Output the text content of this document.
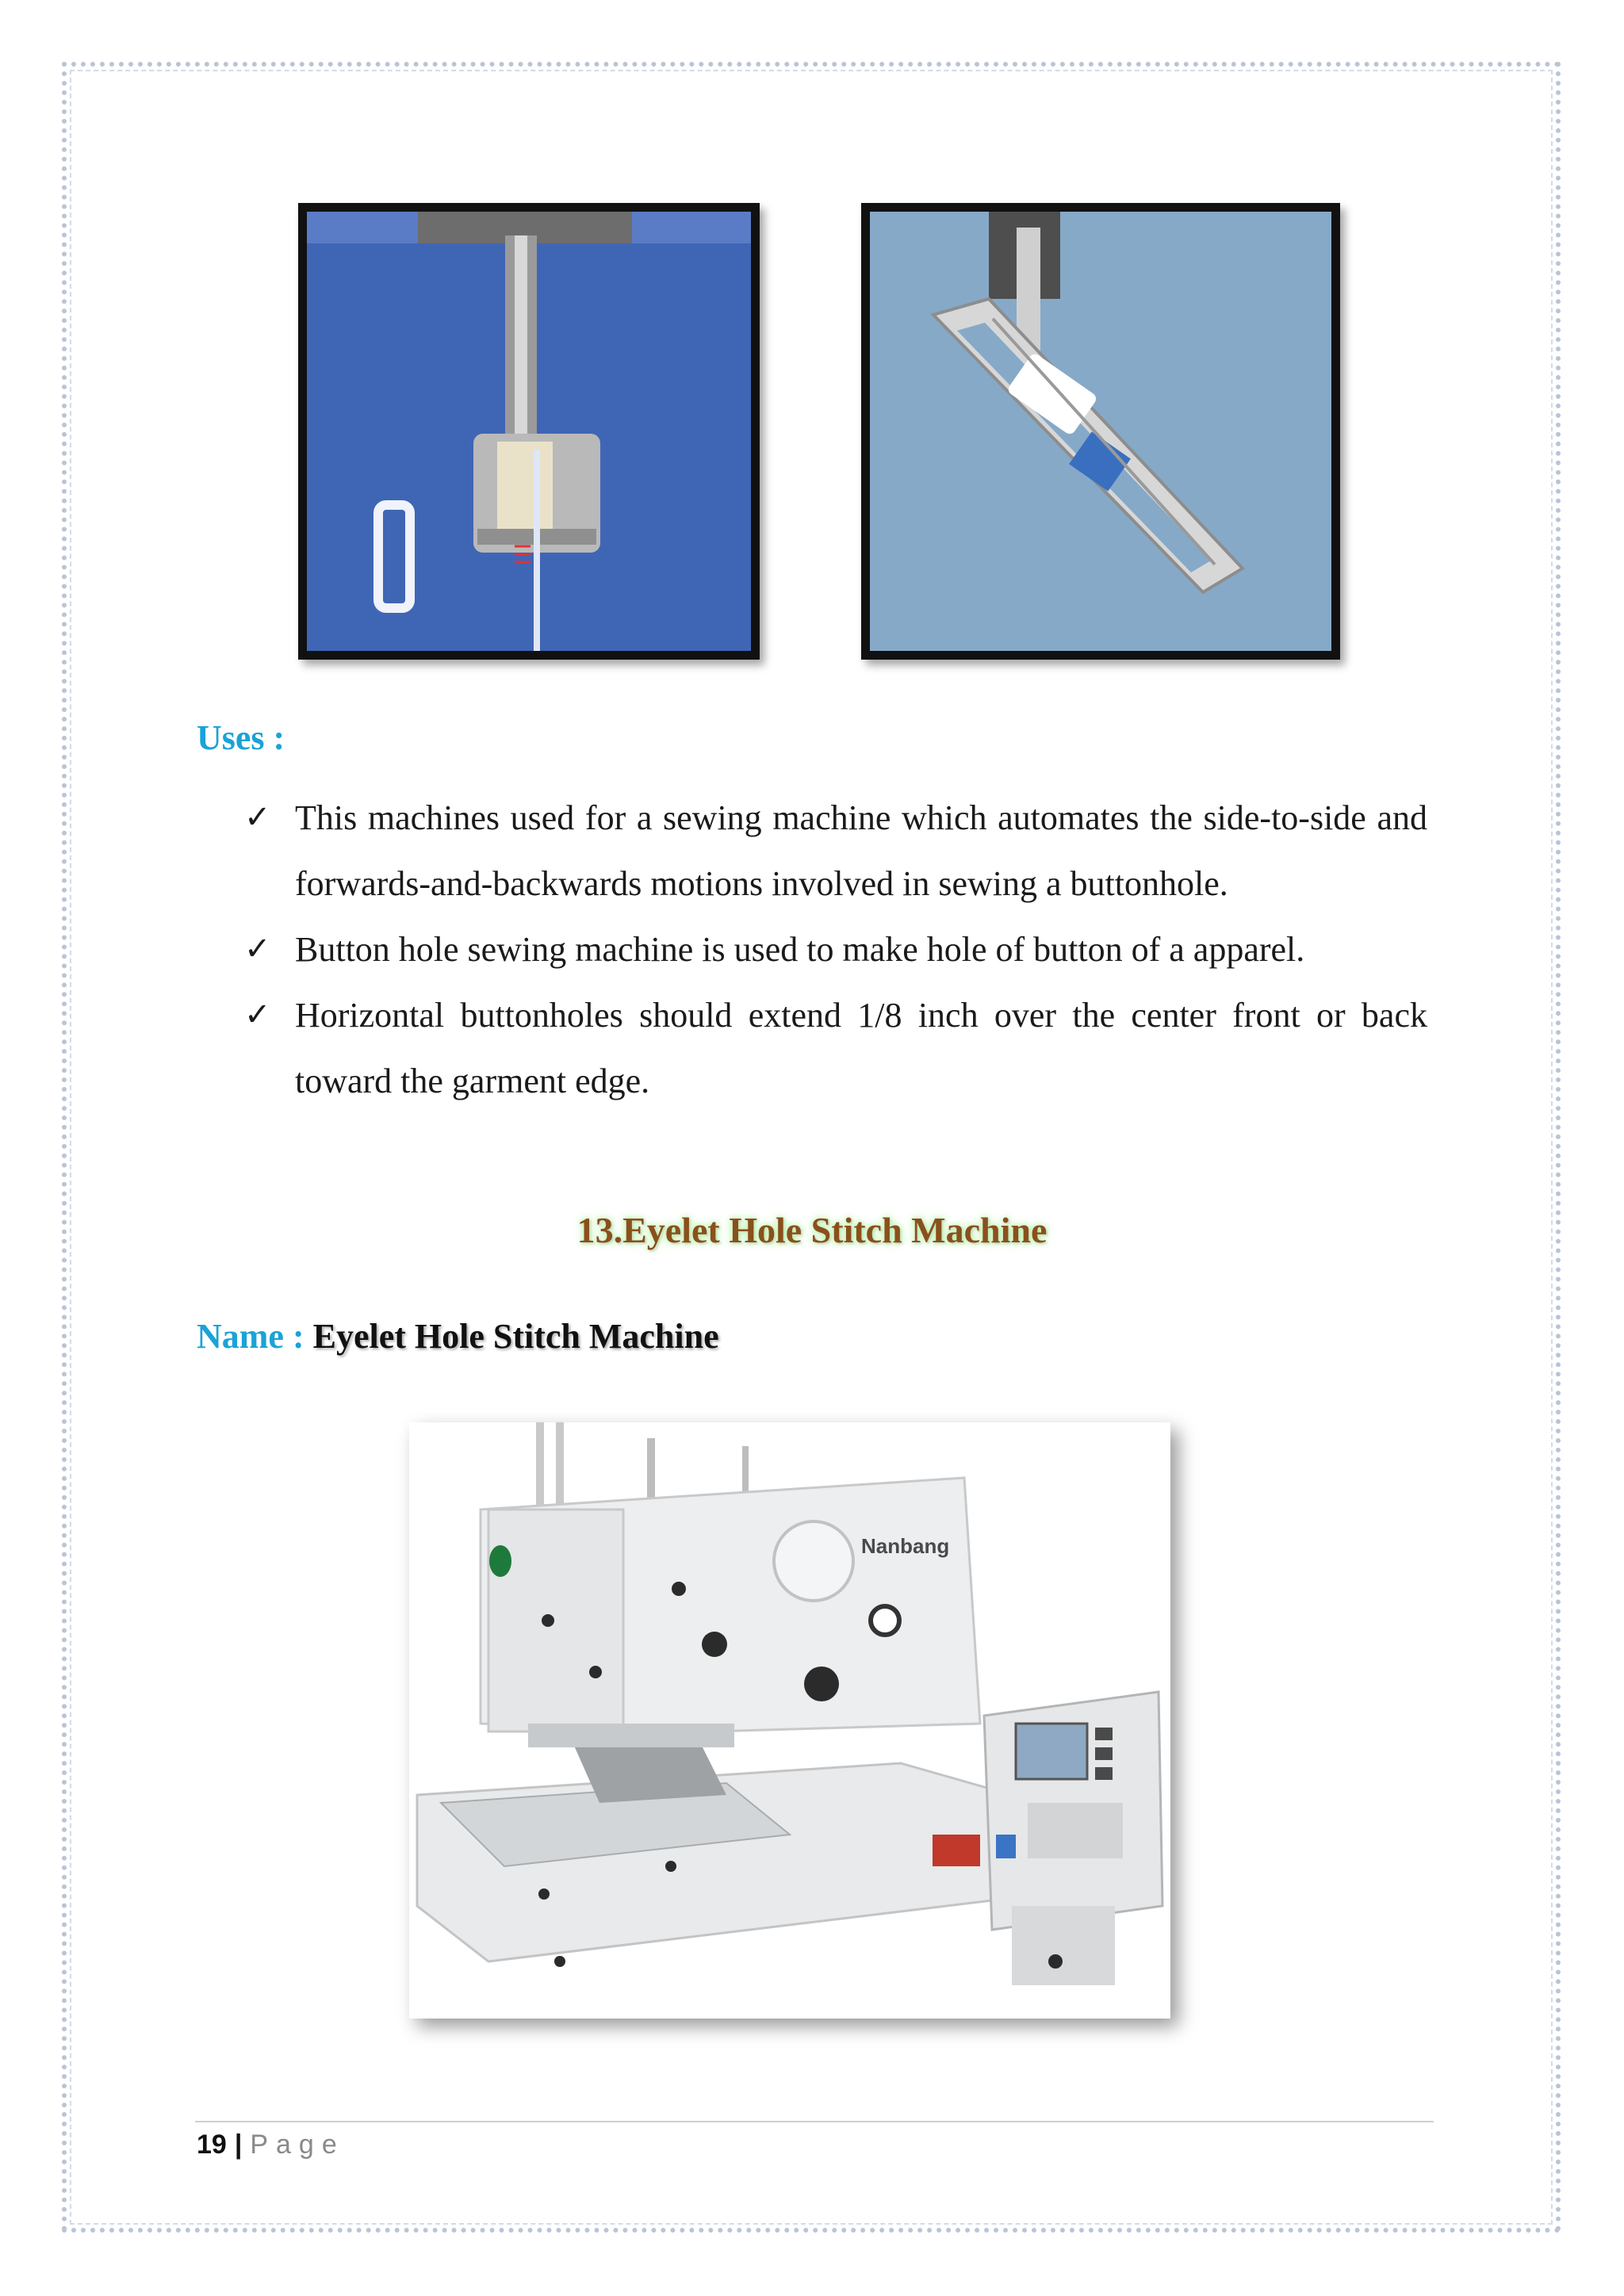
Uses :
✓ This machines used for a sewing machine which automates the side-to-side and forwards-and-backwards motions involved in sewing a buttonhole.
✓ Button hole sewing machine is used to make hole of button of a apparel.
✓ Horizontal buttonholes should extend 1/8 inch over the center front or back toward the garment edge.
13.Eyelet Hole Stitch Machine
Name : Eyelet Hole Stitch Machine
Nanbang
19 | Page
